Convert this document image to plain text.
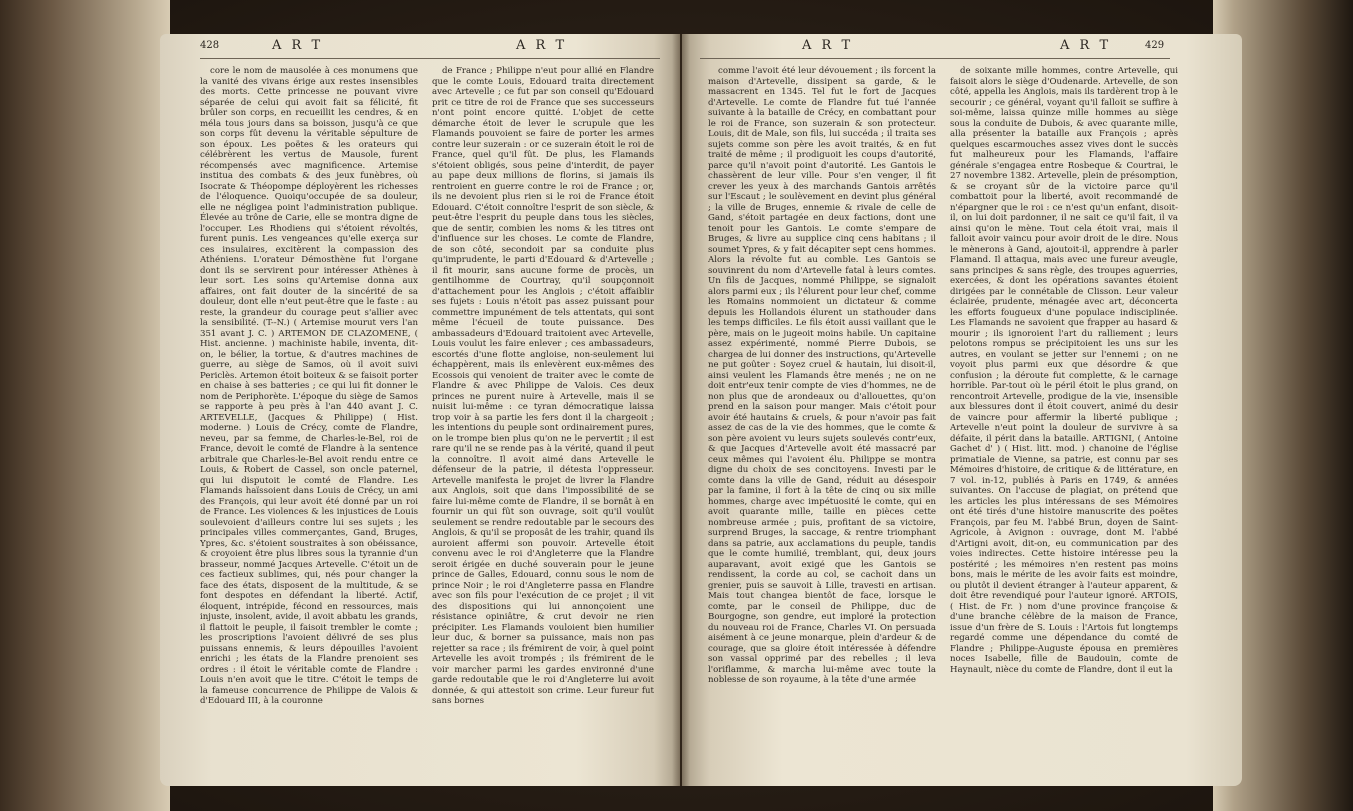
428	A R T	A R T	A R T	A R T	429

core le nom de mausolée à ces monumens que la vanité des vivans érige aux restes insensibles des morts. Cette princesse ne pouvant vivre séparée de celui qui avoit fait sa félicité, fit brûler son corps, en recueillit les cendres, & en méla tous jours dans sa boisson, jusqu'à ce que son corps fût devenu la véritable sépulture de son époux. Les poëtes & les orateurs qui célébrèrent les vertus de Mausole, furent récompensés avec magnificence. Artemise institua des combats & des jeux funèbres, où Isocrate & Théopompe déployèrent les richesses de l'éloquence. Quoiqu'occupée de sa douleur, elle ne négligea point l'administration publique. Élevée au trône de Carie, elle se montra digne de l'occuper. Les Rhodiens qui s'étoient révoltés, furent punis. Les vengeances qu'elle exerça sur ces insulaires, excitèrent la compassion des Athéniens. L'orateur Démosthène fut l'organe dont ils se servirent pour intéresser Athènes à leur sort. Les soins qu'Artemise donna aux affaires, ont fait douter de la sincérité de sa douleur, dont elle n'eut peut-être que le faste : au reste, la grandeur du courage peut s'allier avec la sensibilité. (T--N.) ( Artemise mourut vers l'an 351 avant J. C. ) ARTEMON DE CLAZOMENE, ( Hist. ancienne. ) machiniste habile, inventa, dit-on, le bélier, la tortue, & d'autres machines de guerre, au siège de Samos, où il avoit suivi Periclès. Artemon étoit boiteux & se faisoit porter en chaise à ses batteries ; ce qui lui fit donner le nom de Periphorète. L'époque du siège de Samos se rapporte à peu près à l'an 440 avant J. C. ARTEVELLE, (Jacques & Philippe) ( Hist. moderne. ) Louis de Crécy, comte de Flandre, neveu, par sa femme, de Charles-le-Bel, roi de France, devoit le comté de Flandre à la sentence arbitrale que Charles-le-Bel avoit rendu entre ce Louis, & Robert de Cassel, son oncle paternel, qui lui disputoit le comté de Flandre. Les Flamands haïssoient dans Louis de Crécy, un ami des François, qui leur avoit été donné par un roi de France. Les violences & les injustices de Louis soulevoient d'ailleurs contre lui ses sujets ; les principales villes commerçantes, Gand, Bruges, Ypres, &c. s'étoient soustraites à son obéissance, & croyoient être plus libres sous la tyrannie d'un brasseur, nommé Jacques Artevelle. C'étoit un de ces factieux sublimes, qui, nés pour changer la face des états, disposent de la multitude, & se font despotes en défendant la liberté. Actif, éloquent, intrépide, fécond en ressources, mais injuste, insolent, avide, il avoit abbatu les grands, il flattoit le peuple, il faisoit trembler le comte ; les proscriptions l'avoient délivré de ses plus puissans ennemis, & leurs dépouilles l'avoient enrichi ; les états de la Flandre prenoient ses ordres : il étoit le véritable comte de Flandre : Louis n'en avoit que le titre. C'étoit le temps de la fameuse concurrence de Philippe de Valois & d'Edouard III, à la couronne

de France ; Philippe n'eut pour allié en Flandre que le comte Louis, Edouard traita directement avec Artevelle ; ce fut par son conseil qu'Edouard prit ce titre de roi de France que ses successeurs n'ont point encore quitté. L'objet de cette démarche étoit de lever le scrupule que les Flamands pouvoient se faire de porter les armes contre leur suzerain : or ce suzerain étoit le roi de France, quel qu'il fût. De plus, les Flamands s'étoient obligés, sous peine d'interdit, de payer au pape deux millions de florins, si jamais ils rentroient en guerre contre le roi de France ; or, ils ne devoient plus rien si le roi de France étoit Edouard. C'étoit connoître l'esprit de son siècle, & peut-être l'esprit du peuple dans tous les siècles, que de sentir, combien les noms & les titres ont d'influence sur les choses. Le comte de Flandre, de son côté, secondoit par sa conduite plus qu'imprudente, le parti d'Edouard & d'Artevelle ; il fit mourir, sans aucune forme de procès, un gentilhomme de Courtray, qu'il soupçonnoit d'attachement pour les Anglois ; c'étoit affaiblir ses fujets : Louis n'étoit pas assez puissant pour commettre impunément de tels attentats, qui sont même l'écueil de toute puissance. Des ambassadeurs d'Edouard traitoient avec Artevelle, Louis voulut les faire enlever ; ces ambassadeurs, escortés d'une flotte angloise, non-seulement lui échappèrent, mais ils enlevèrent eux-mêmes des Ecossois qui venoient de traiter avec le comte de Flandre & avec Philippe de Valois. Ces deux princes ne purent nuire à Artevelle, mais il se nuisit lui-même : ce tyran démocratique laissa trop voir à sa partie les fers dont il la chargeoit ; les intentions du peuple sont ordinairement pures, on le trompe bien plus qu'on ne le pervertit ; il est rare qu'il ne se rende pas à la vérité, quand il peut la connoître. Il avoit aimé dans Artevelle le défenseur de la patrie, il détesta l'oppresseur. Artevelle manifesta le projet de livrer la Flandre aux Anglois, soit que dans l'impossibilité de se faire lui-même comte de Flandre, il se bornât à en fournir un qui fût son ouvrage, soit qu'il voulût seulement se rendre redoutable par le secours des Anglois, & qu'il se proposât de les trahir, quand ils auroient affermi son pouvoir. Artevelle étoit convenu avec le roi d'Angleterre que la Flandre seroit érigée en duché souverain pour le jeune prince de Galles, Edouard, connu sous le nom de prince Noir ; le roi d'Angleterre passa en Flandre avec son fils pour l'exécution de ce projet ; il vit des dispositions qui lui annonçoient une résistance opiniâtre, & crut devoir ne rien précipiter. Les Flamands vouloient bien humilier leur duc, & borner sa puissance, mais non pas rejetter sa race ; ils frémirent de voir, à quel point Artevelle les avoit trompés ; ils frémirent de le voir marcher parmi les gardes environné d'une garde redoutable que le roi d'Angleterre lui avoit donnée, & qui attestoit son crime. Leur fureur fut sans bornes

comme l'avoit été leur dévouement ; ils forcent la maison d'Artevelle, dissipent sa garde, & le massacrent en 1345. Tel fut le fort de Jacques d'Artevelle. Le comte de Flandre fut tué l'année suivante à la bataille de Crécy, en combattant pour le roi de France, son suzerain & son protecteur. Louis, dit de Male, son fils, lui succéda ; il traita ses sujets comme son père les avoit traités, & en fut traité de même ; il prodiguoit les coups d'autorité, parce qu'il n'avoit point d'autorité. Les Gantois le chassèrent de leur ville. Pour s'en venger, il fit crever les yeux à des marchands Gantois arrêtés sur l'Escaut ; le soulèvement en devint plus général ; la ville de Bruges, ennemie & rivale de celle de Gand, s'étoit partagée en deux factions, dont une tenoit pour les Gantois. Le comte s'empare de Bruges, & livre au supplice cinq cens habitans ; il soumet Ypres, & y fait décapiter sept cens hommes. Alors la révolte fut au comble. Les Gantois se souvinrent du nom d'Artevelle fatal à leurs comtes. Un fils de Jacques, nommé Philippe, se signaloit alors parmi eux ; ils l'élurent pour leur chef, comme les Romains nommoient un dictateur & comme depuis les Hollandois élurent un stathouder dans les temps difficiles. Le fils étoit aussi vaillant que le père, mais on le jugeoit moins habile. Un capitaine assez expérimenté, nommé Pierre Dubois, se chargea de lui donner des instructions, qu'Artevelle ne put goûter : Soyez cruel & hautain, lui disoit-il, ainsi veulent les Flamands être menés ; ne on ne doit entr'eux tenir compte de vies d'hommes, ne de non plus que de arondeaux ou d'allouettes, qu'on prend en la saison pour manger. Mais c'étoit pour avoir été hautains & cruels, & pour n'avoir pas fait assez de cas de la vie des hommes, que le comte & son père avoient vu leurs sujets soulevés contr'eux, & que Jacques d'Artevelle avoit été massacré par ceux mêmes qui l'avoient élu. Philippe se montra digne du choix de ses concitoyens. Investi par le comte dans la ville de Gand, réduit au désespoir par la famine, il fort à la tête de cinq ou six mille hommes, charge avec impétuosité le comte, qui en avoit quarante mille, taille en pièces cette nombreuse armée ; puis, profitant de sa victoire, surprend Bruges, la saccage, & rentre triomphant dans sa patrie, aux acclamations du peuple, tandis que le comte humilié, tremblant, qui, deux jours auparavant, avoit exigé que les Gantois se rendissent, la corde au col, se cachoit dans un grenier, puis se sauvoit à Lille, travesti en artisan. Mais tout changea bientôt de face, lorsque le comte, par le conseil de Philippe, duc de Bourgogne, son gendre, eut imploré la protection du nouveau roi de France, Charles VI. On persuada aisément à ce jeune monarque, plein d'ardeur & de courage, que sa gloire étoit intéressée à défendre son vassal opprimé par des rebelles ; il leva l'oriflamme, & marcha lui-même avec toute la noblesse de son royaume, à la tête d'une armée

de soixante mille hommes, contre Artevelle, qui faisoit alors le siège d'Oudenarde. Artevelle, de son côté, appella les Anglois, mais ils tardèrent trop à le secourir ; ce général, voyant qu'il falloit se suffire à soi-même, laissa quinze mille hommes au siège sous la conduite de Dubois, & avec quarante mille, alla présenter la bataille aux François ; après quelques escarmouches assez vives dont le succès fut malheureux pour les Flamands, l'affaire générale s'engagea entre Rosbeque & Courtrai, le 27 novembre 1382. Artevelle, plein de présomption, & se croyant sûr de la victoire parce qu'il combattoit pour la liberté, avoit recommandé de n'épargner que le roi : ce n'est qu'un enfant, disoit-il, on lui doit pardonner, il ne sait ce qu'il fait, il va ainsi qu'on le mène. Tout cela étoit vrai, mais il falloit avoir vaincu pour avoir droit de le dire. Nous le mènerons à Gand, ajoutoit-il, apprendre à parler Flamand. Il attaqua, mais avec une fureur aveugle, sans principes & sans règle, des troupes aguerries, exercées, & dont les opérations savantes étoient dirigées par le connétable de Clisson. Leur valeur éclairée, prudente, ménagée avec art, déconcerta les efforts fougueux d'une populace indisciplinée. Les Flamands ne savoient que frapper au hasard & mourir ; ils ignoroient l'art du ralliement ; leurs pelotons rompus se précipitoient les uns sur les autres, en voulant se jetter sur l'ennemi ; on ne voyoit plus parmi eux que désordre & que confusion ; la déroute fut complette, & le carnage horrible. Par-tout où le péril étoit le plus grand, on rencontroit Artevelle, prodigue de la vie, insensible aux blessures dont il étoit couvert, animé du desir de vaincre pour affermir la liberté publique ; Artevelle n'eut point la douleur de survivre à sa défaite, il périt dans la bataille. ARTIGNI, ( Antoine Gachet d' ) ( Hist. litt. mod. ) chanoine de l'église primatiale de Vienne, sa patrie, est connu par ses Mémoires d'histoire, de critique & de littérature, en 7 vol. in-12, publiés à Paris en 1749, & années suivantes. On l'accuse de plagiat, on prétend que les articles les plus intéressans de ses Mémoires ont été tirés d'une histoire manuscrite des poëtes François, par feu M. l'abbé Brun, doyen de Saint-Agricole, à Avignon : ouvrage, dont M. l'abbé d'Artigni avoit, dit-on, eu communication par des voies indirectes. Cette histoire intéresse peu la postérité ; les mémoires n'en restent pas moins bons, mais le mérite de les avoir faits est moindre, ou plutôt il devient étranger à l'auteur apparent, & doit être revendiqué pour l'auteur ignoré. ARTOIS, ( Hist. de Fr. ) nom d'une province françoise & d'une branche célèbre de la maison de France, issue d'un frère de S. Louis : l'Artois fut longtemps regardé comme une dépendance du comté de Flandre ; Philippe-Auguste épousa en premières noces Isabelle, fille de Baudouin, comte de Haynault, nièce du comte de Flandre, dont il eut la
